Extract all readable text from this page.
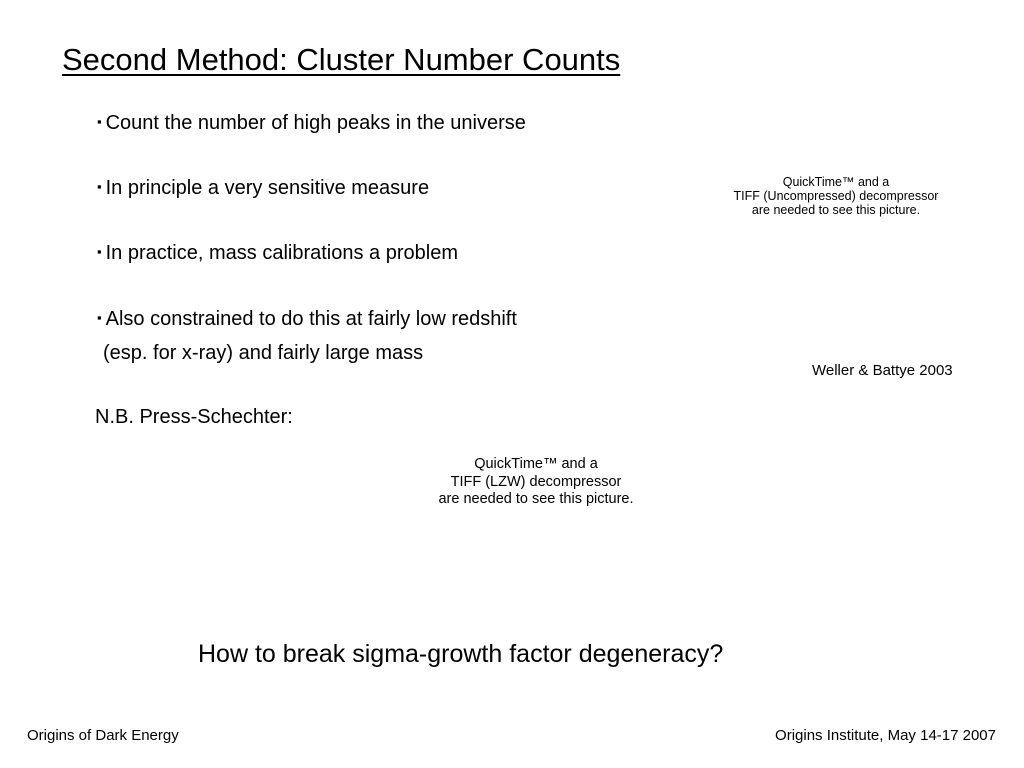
Second Method: Cluster Number Counts
▪ Count the number of high peaks in the universe
▪ In principle a very sensitive measure
▪ In practice, mass calibrations a problem
▪ Also constrained to do this at fairly low redshift
(esp. for x-ray) and fairly large mass
N.B. Press-Schechter:
QuickTime™ and a
TIFF (Uncompressed) decompressor
are needed to see this picture.
Weller & Battye 2003
QuickTime™ and a
TIFF (LZW) decompressor
are needed to see this picture.
How to break sigma-growth factor degeneracy?
Origins of Dark Energy	Origins Institute, May 14-17 2007
